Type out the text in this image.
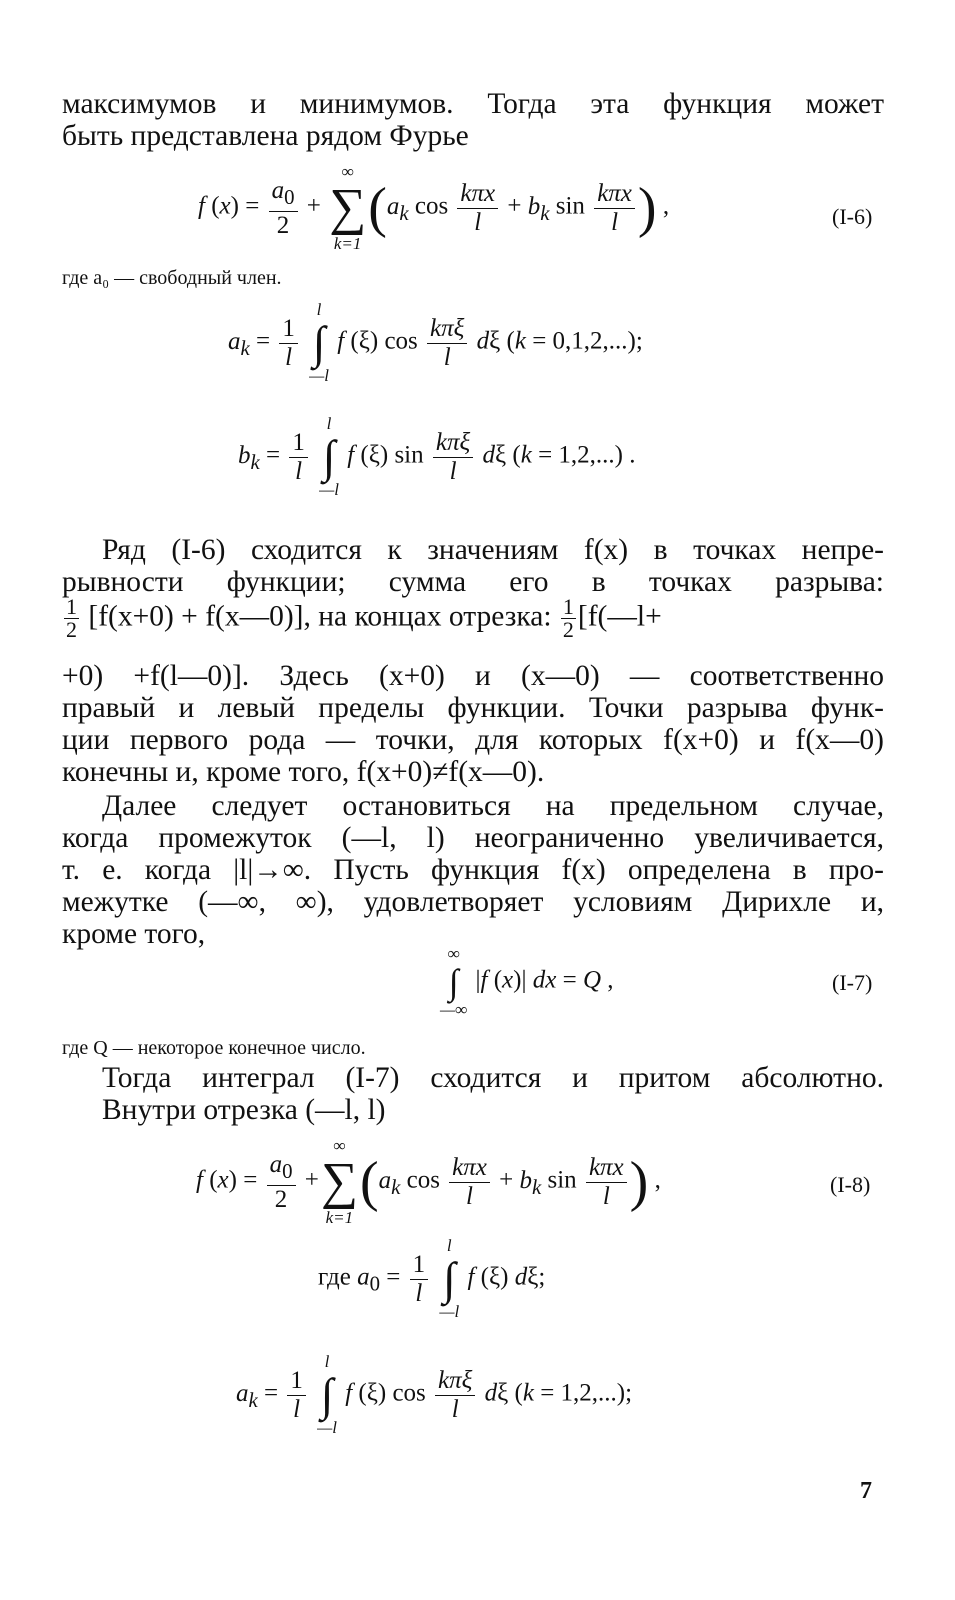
максимумов и минимумов. Тогда эта функция может
быть представлена рядом Фурье
f $(x) = \frac{a_0}{2}$ +
∞
∑
k=1
($a_k$ $\cos \frac{\text{kπx}}{l} + b_k$ $\sin \frac{\text{kπx}}{l}$ ) ,	(I-6)
где a₀ — свободный член.
$a_k = \frac{1}{l}$

l
∫
—l
f (ξ) $\cos \frac{\text{kπξ}}{l}$ dξ (k = 0,1,2,...);
$b_k = \frac{1}{l}$

l
∫
—l
f (ξ) $\sin \frac{\text{kπξ}}{l}$ dξ (k = 1,2,...) .
Ряд (I-6) сходится к значениям f(x) в точках непре-
рывности функции; сумма его в точках разрыва:
$\frac{1}{2} [f(x+0)$ + f(x—0)], на концах отрезка: $\frac{1}{2}$ [f(—l+
+0) +f(l—0)]. Здесь (x+0) и (x—0) — соответственно
правый и левый пределы функции. Точки разрыва функ-
ции первого рода — точки, для которых f(x+0) и f(x—0)
конечны и, кроме того, f(x+0)≠f(x—0).
Далее следует остановиться на предельном случае,
когда промежуток (—l, l) неограниченно увеличивается,
т. е. когда |l|→∞. Пусть функция f(x) определена в про-
межутке (—∞, ∞), удовлетворяет условиям Дирихле и,
кроме того,
∞
∫
—∞
|f (x)| dx = Q ,	(I-7)
где Q — некоторое конечное число.
Тогда интеграл (I-7) сходится и притом абсолютно.
Внутри отрезка (—l, l)
f $(x) = \frac{a_0}{2}$ +
∞
∑
k=1
($a_k$ $\cos \frac{\text{kπx}}{l} + b_k$ $\sin \frac{\text{kπx}}{l}$ ) ,	(I-8)
где $a_0 = \frac{1}{l}$

l
∫
—l
f (ξ) dξ;
$a_k = \frac{1}{l}$

l
∫
—l
f (ξ) $\cos \frac{\text{kπξ}}{l}$ dξ (k = 1,2,...);
7
